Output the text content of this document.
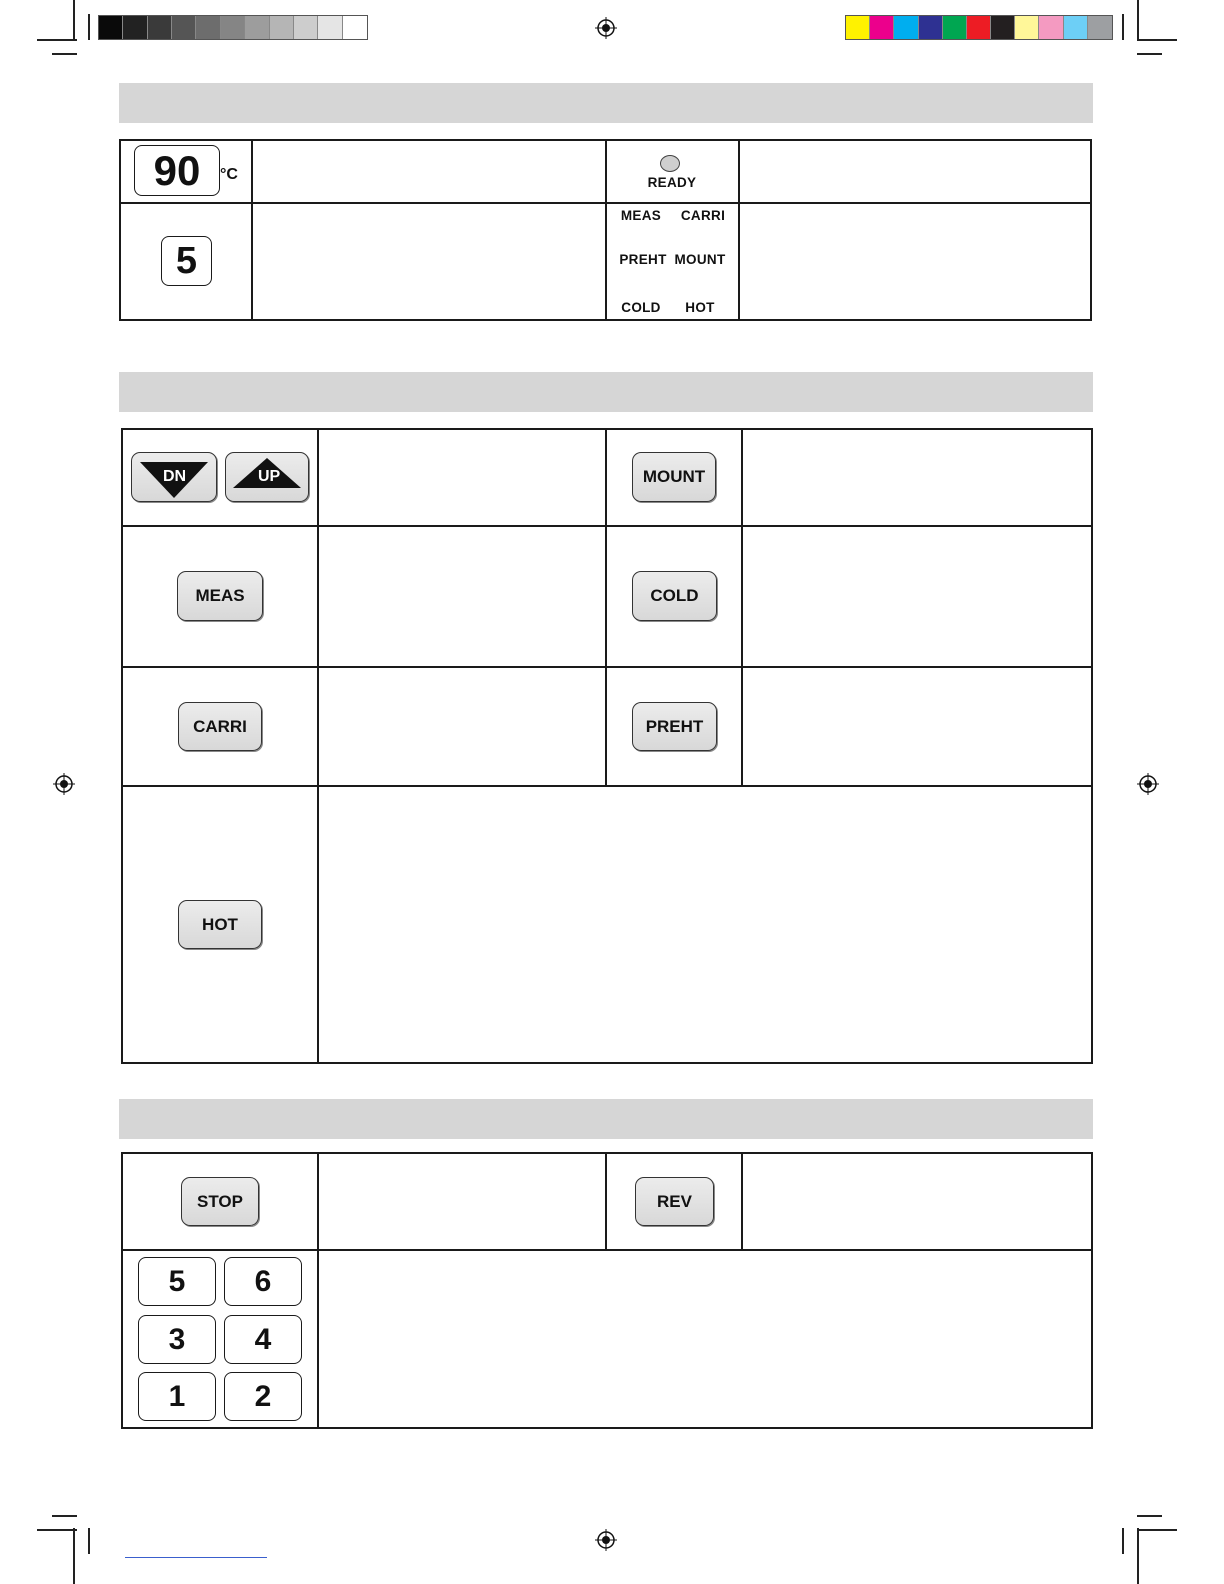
90 °C	READY
5
MEAS	CARRI
PREHT MOUNT
COLD	HOT
DN	UP	MOUNT
MEAS	COLD
CARRI	PREHT
HOT
STOP	REV
5	6
3	4
1	2
